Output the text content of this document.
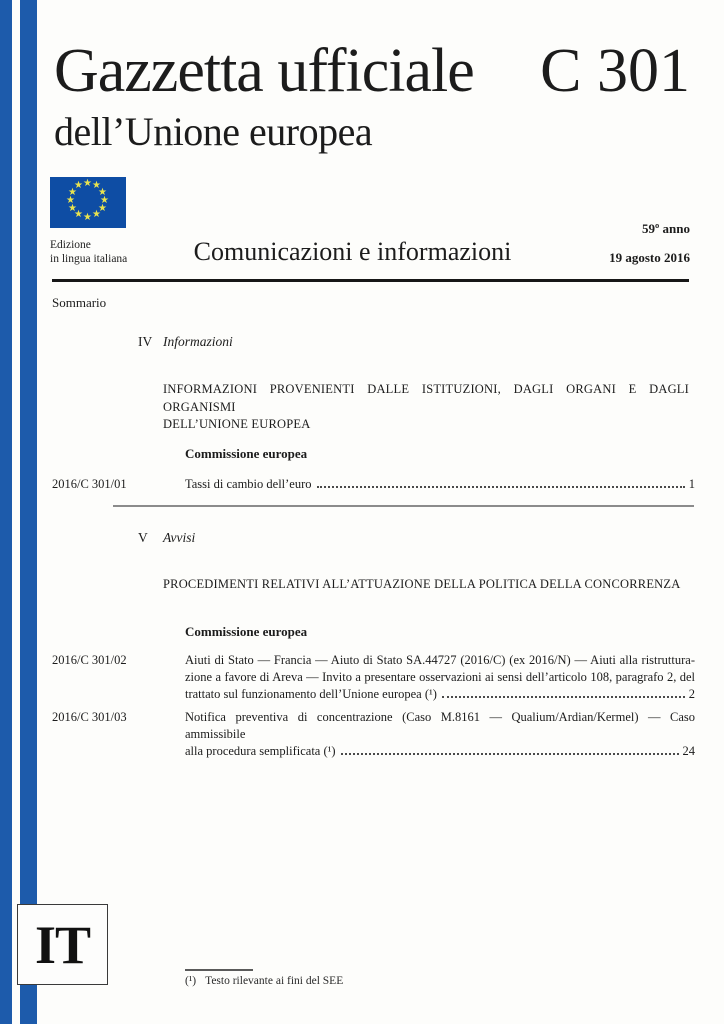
Gazzetta ufficiale C 301
dell’Unione europea
★ ★
★
★
★
★
★
★
★
★
★
★
Edizione
in lingua italiana	Comunicazioni e informazioni
59º anno
19 agosto 2016
Sommario
IV Informazioni
INFORMAZIONI PROVENIENTI DALLE ISTITUZIONI, DAGLI ORGANI E DAGLI ORGANISMI
DELL’UNIONE EUROPEA
Commissione europea
2016/C 301/01	Tassi di cambio dell’euro	1
V Avvisi
PROCEDIMENTI RELATIVI ALL’ATTUAZIONE DELLA POLITICA DELLA CONCORRENZA
Commissione europea
2016/C 301/02	Aiuti di Stato — Francia — Aiuto di Stato SA.44727 (2016/C) (ex 2016/N) — Aiuti alla ristruttura-
zione a favore di Areva — Invito a presentare osservazioni ai sensi dell’articolo 108, paragrafo 2, del
trattato sul funzionamento dell’Unione europea (¹)	2
2016/C 301/03	Notifica preventiva di concentrazione (Caso M.8161 — Qualium/Ardian/Kermel) — Caso ammissibile
alla procedura semplificata (¹)	24
IT
(¹) Testo rilevante ai fini del SEE
